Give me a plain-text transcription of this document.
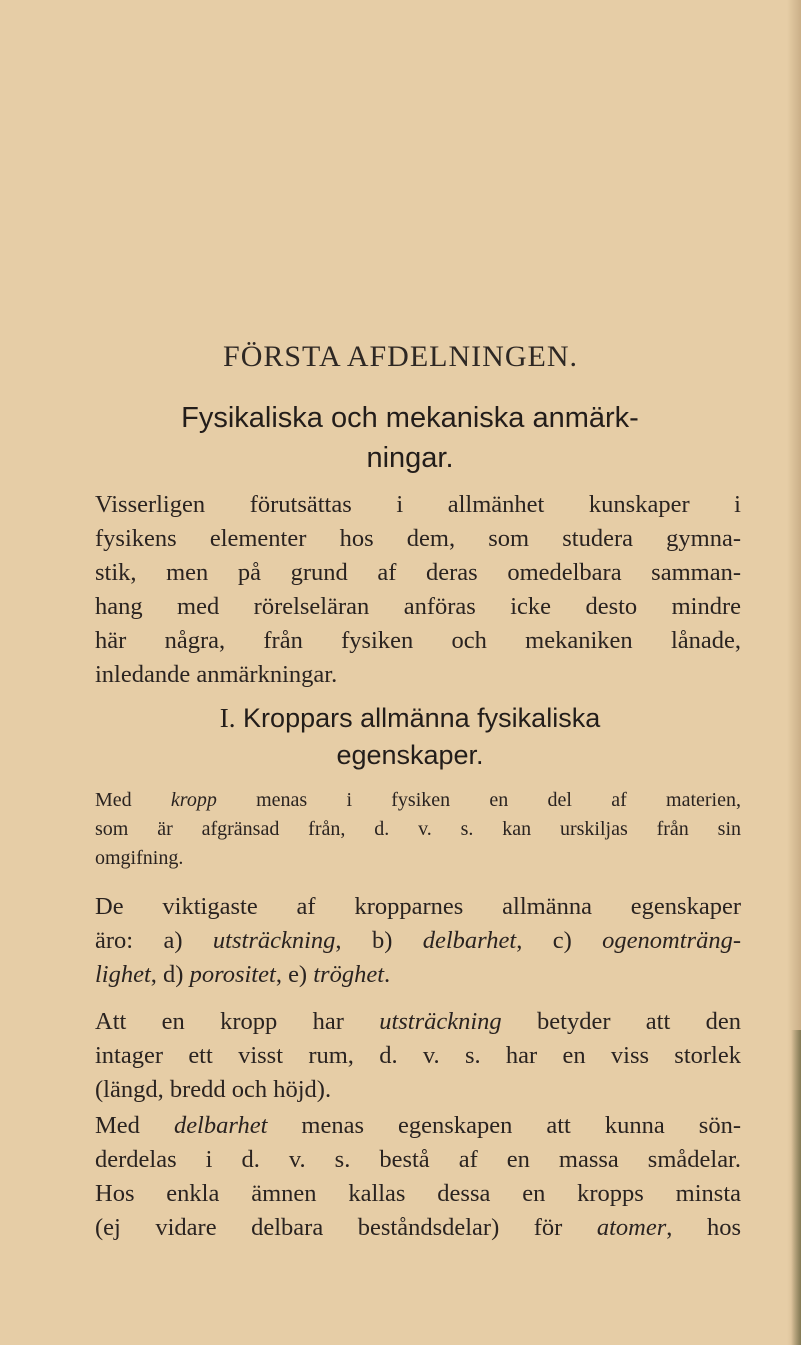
FÖRSTA AFDELNINGEN.
Fysikaliska och mekaniska anmärk-
ningar.
Visserligen förutsättas i allmänhet kunskaper i
fysikens elementer hos dem, som studera gymna-
stik, men på grund af deras omedelbara samman-
hang med rörelseläran anföras icke desto mindre
här några, från fysiken och mekaniken lånade,
inledande anmärkningar.
I. Kroppars allmänna fysikaliska
egenskaper.
Med kropp menas i fysiken en del af materien,
som är afgränsad från, d. v. s. kan urskiljas från sin
omgifning.
De viktigaste af kropparnes allmänna egenskaper
äro: a) utsträckning, b) delbarhet, c) ogenomträng-
lighet, d) porositet, e) tröghet.
Att en kropp har utsträckning betyder att den
intager ett visst rum, d. v. s. har en viss storlek
(längd, bredd och höjd).
Med delbarhet menas egenskapen att kunna sön-
derdelas i d. v. s. bestå af en massa smådelar.
Hos enkla ämnen kallas dessa en kropps minsta
(ej vidare delbara beståndsdelar) för atomer, hos
